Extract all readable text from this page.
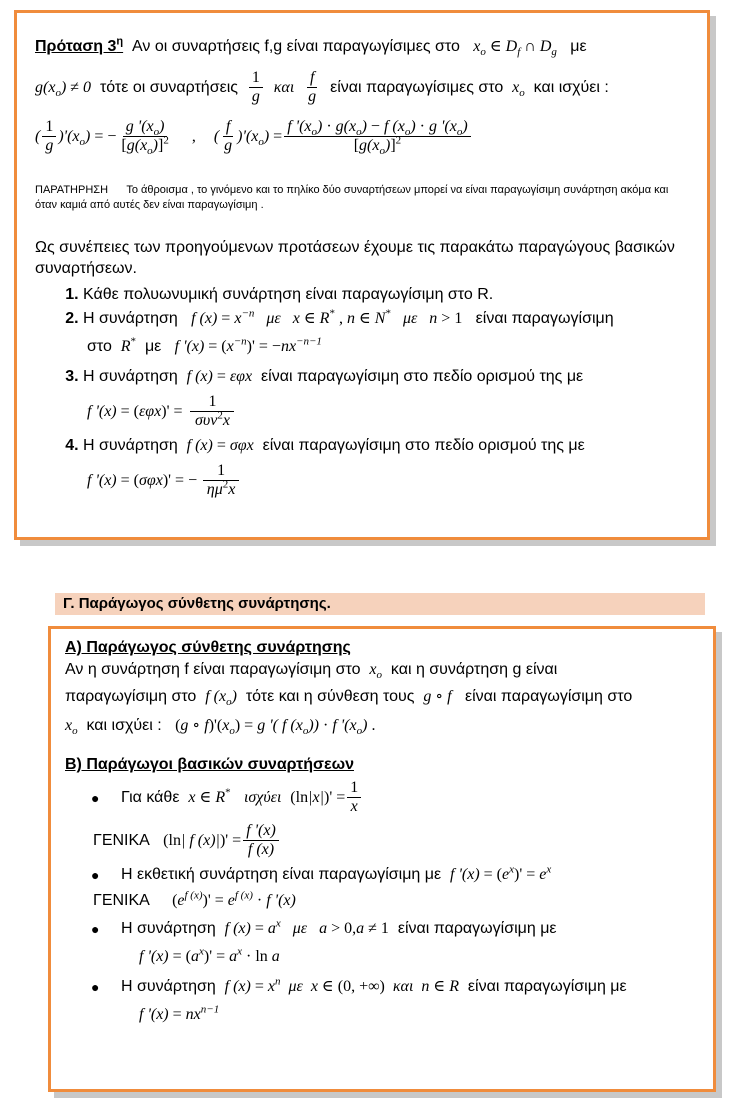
Πρόταση $3^\eta$ Αν οι συναρτήσεις f,g είναι παραγωγίσιμες στο $x_o$ ∈ $D_f$ ∩ $D_g$ με
$g(x_o) \ne 0$
τότε οι συναρτήσεις
$\frac{1}{g}$
και
$\frac{f}{g}$
είναι παραγωγίσιμες στο
$x_o$
και ισχύει :
( $\frac{1}{g} )'(x_o)$ = − $\frac{g '(x_o)}{[g(x_o)]^2}$	,	( $\frac{f}{g} )'(x_o) = \frac{f '(x_o) \cdot g(x_o) - f (x_o) \cdot g '(x_o)}{[g(x_o)]^2}$
ΠΑΡΑΤΗΡΗΣΗ Το άθροισμα , το γινόμενο και το πηλίκο δύο συναρτήσεων μπορεί να είναι παραγωγίσιμη συνάρτηση ακόμα και όταν καμιά από αυτές δεν είναι παραγωγίσιμη .
Ως συνέπειες των προηγούμενων προτάσεων έχουμε τις παρακάτω παραγώγους βασικών συναρτήσεων.
1. Κάθε πολυωνυμική συνάρτηση είναι παραγωγίσιμη στο R.
2. Η συνάρτηση f $(x) = x^{-n}$   με   x ∈ R* , n ∈ N*   με   n > 1 είναι παραγωγίσιμη
στο R* με f '$(x) = (x^{-n})' = -nx^{-n-1}$
3. Η συνάρτηση f (x) = εφx είναι παραγωγίσιμη στο πεδίο ορισμού της με
f '$(x) = (\varepsilon\varphi x)' = \frac{1}{\sigma\upsilon\nu^2x}$
4. Η συνάρτηση f (x) = σφx είναι παραγωγίσιμη στο πεδίο ορισμού της με
f '(x) = (σφx)' = − $\frac{1}{\eta\mu^2x}$
Γ. Παράγωγος σύνθετης συνάρτησης.
Α) Παράγωγος σύνθετης συνάρτησης
Αν η συνάρτηση f είναι παραγωγίσιμη στο $x_o$ και η συνάρτηση g είναι
παραγωγίσιμη στο f $(x_o)$ τότε και η σύνθεση τους g ∘ f είναι παραγωγίσιμη στο
$x_o$ και ισχύει : (g ∘ $f)'(x_o) = g$ '( f $(x_o)) \cdot f$ '$(x_o)$ .
Β) Παράγωγοι βασικών συναρτήσεων
●	Για κάθε
x ∈ R*
ισχύει
$(\ln|x|)' = \frac{1}{x}$
ΓΕΝΙΚΑ
(ln| f $(x)|)' = \frac{f '(x)}{f (x)}$
●	Η εκθετική συνάρτηση είναι παραγωγίσιμη με
f '$(x) = (e^x)' = e^x$
ΓΕΝΙΚΑ $(e^{f (x)})' = e^{f (x)} \cdot f$ '(x)
●	Η συνάρτηση
f $(x) = a^x$   με   a > 0,a ≠ 1
είναι παραγωγίσιμη με
f '$(x) = (a^x)' = a^x \cdot \ln a$
●	Η συνάρτηση
f $(x) = x^n$  με  x ∈ (0, +∞)  και  n ∈ R
είναι παραγωγίσιμη με
f '$(x) = nx^{n-1}$
